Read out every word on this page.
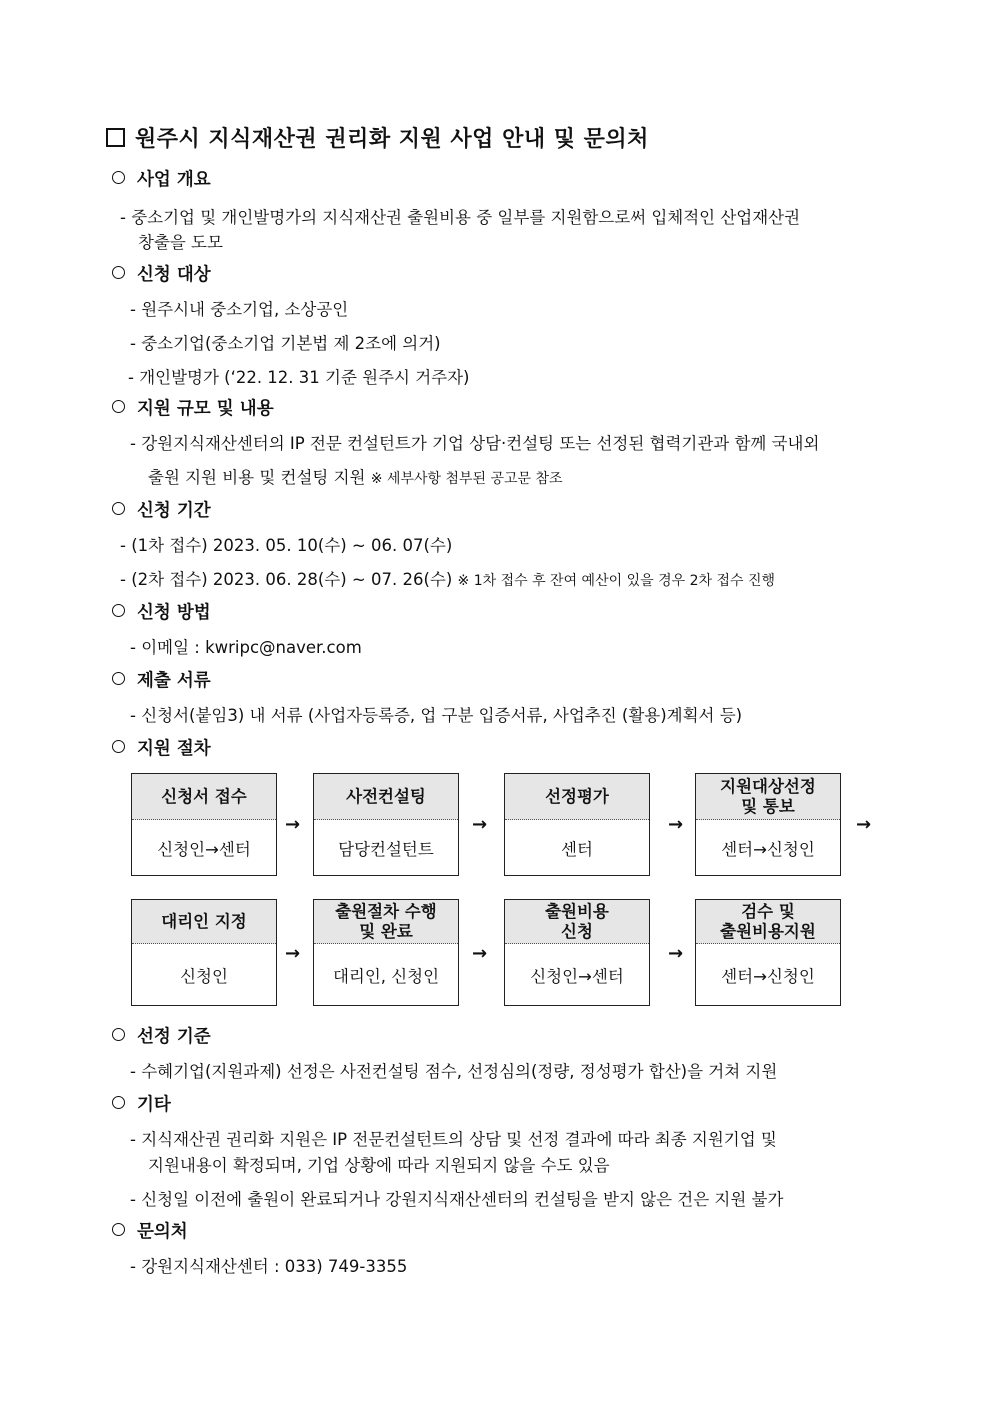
원주시 지식재산권 권리화 지원 사업 안내 및 문의처
사업 개요
- 중소기업 및 개인발명가의 지식재산권 출원비용 중 일부를 지원함으로써 입체적인 산업재산권
창출을 도모
신청 대상
- 원주시내 중소기업, 소상공인
- 중소기업(중소기업 기본법 제 2조에 의거)
- 개인발명가 (‘22. 12. 31 기준 원주시 거주자)
지원 규모 및 내용
- 강원지식재산센터의 IP 전문 컨설턴트가 기업 상담·컨설팅 또는 선정된 협력기관과 함께 국내외
출원 지원 비용 및 컨설팅 지원 ※ 세부사항 첨부된 공고문 참조
신청 기간
- (1차 접수) 2023. 05. 10(수) ~ 06. 07(수)
- (2차 접수) 2023. 06. 28(수) ~ 07. 26(수) ※ 1차 접수 후 잔여 예산이 있을 경우 2차 접수 진행
신청 방법
- 이메일 : kwripc@naver.com
제출 서류
- 신청서(붙임3) 내 서류 (사업자등록증, 업 구분 입증서류, 사업추진 (활용)계획서 등)
지원 절차
신청서 접수
신청인→센터
→
사전컨설팅
담당컨설턴트
→
선정평가
센터
→
지원대상선정
및 통보
센터→신청인
→
대리인 지정
신청인
→
출원절차 수행
및 완료
대리인, 신청인
→
출원비용
신청
신청인→센터
→
검수 및
출원비용지원
센터→신청인
선정 기준
- 수혜기업(지원과제) 선정은 사전컨설팅 점수, 선정심의(정량, 정성평가 합산)을 거쳐 지원
기타
- 지식재산권 권리화 지원은 IP 전문컨설턴트의 상담 및 선정 결과에 따라 최종 지원기업 및
지원내용이 확정되며, 기업 상황에 따라 지원되지 않을 수도 있음
- 신청일 이전에 출원이 완료되거나 강원지식재산센터의 컨설팅을 받지 않은 건은 지원 불가
문의처
- 강원지식재산센터 : 033) 749-3355
